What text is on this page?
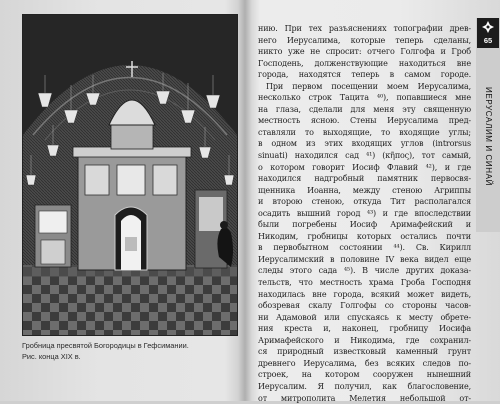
Гробница пресвятой Богородицы в Гефсимании.
Рис. конца XIX в.
нию. При тех разъяснениях топографии древ-
него Иерусалима, которые теперь сделаны,
никто уже не спросит: отчего Голгофа и Гроб
Господень, долженствующие находиться вне
города, находятся теперь в самом городе.
При первом посещении моем Иерусалима,
несколько строк Тацита ⁴⁰), попавшиеся мне
на глаза, сделали для меня эту священную
местность ясною. Стены Иерусалима пред-
ставляли то выходящие, то входящие углы;
в одном из этих входящих углов (introrsus
sinuati) находился сад ⁴¹) (κῆπος), тот самый,
о котором говорит Иосиф Флавий ⁴²), и где
находился надгробный памятник первосвя-
щенника Иоанна, между стеною Агриппы
и второю стеною, откуда Тит располагался
осадить вышний город ⁴³) и где впоследствии
были погребены Иосиф Аримафейский и
Никодим, гробницы которых остались почти
в первобытном состоянии ⁴⁴). Св. Кирилл
Иерусалимский в половине IV века видел еще
следы этого сада ⁴⁵). В числе других доказа-
тельств, что местность храма Гроба Господня
находилась вне города, всякий может видеть,
обозревая скалу Голгофы со стороны часов-
ни Адамовой или спускаясь к месту обрете-
ния креста и, наконец, гробницу Иосифа
Аримафейского и Никодима, где сохранил-
ся природный известковый каменный грунт
древнего Иерусалима, без всяких следов по-
строек, на котором сооружен нынешний
Иерусалим. Я получил, как благословение,
от митрополита Мелетия небольшой от-
65
ИЕРУСАЛИМ И СИНАЙ
